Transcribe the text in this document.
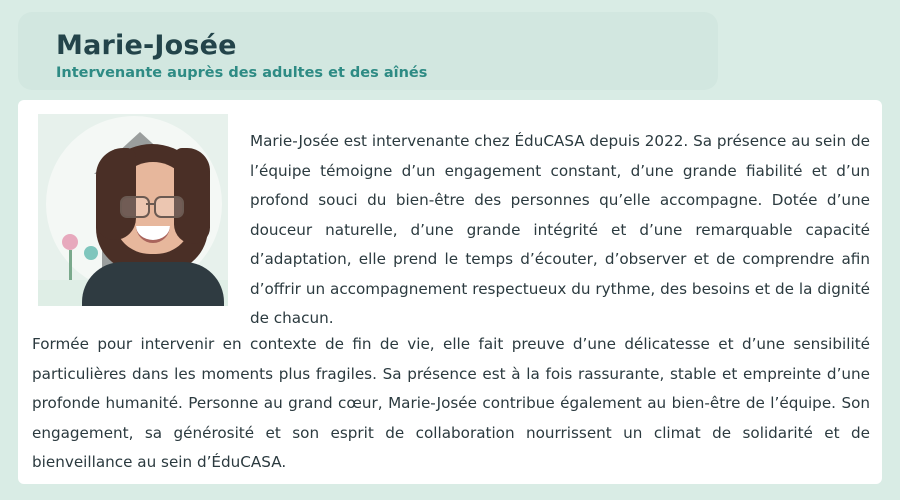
Marie-Josée
Intervenante auprès des adultes et des aînés

Marie-Josée est intervenante chez ÉduCASA depuis 2022. Sa présence au sein de l’équipe témoigne d’un engagement constant, d’une grande fiabilité et d’un profond souci du bien-être des personnes qu’elle accompagne. Dotée d’une douceur naturelle, d’une grande intégrité et d’une remarquable capacité d’adaptation, elle prend le temps d’écouter, d’observer et de comprendre afin d’offrir un accompagnement respectueux du rythme, des besoins et de la dignité de chacun.

Formée pour intervenir en contexte de fin de vie, elle fait preuve d’une délicatesse et d’une sensibilité particulières dans les moments plus fragiles. Sa présence est à la fois rassurante, stable et empreinte d’une profonde humanité. Personne au grand cœur, Marie-Josée contribue également au bien-être de l’équipe. Son engagement, sa générosité et son esprit de collaboration nourrissent un climat de solidarité et de bienveillance au sein d’ÉduCASA.
